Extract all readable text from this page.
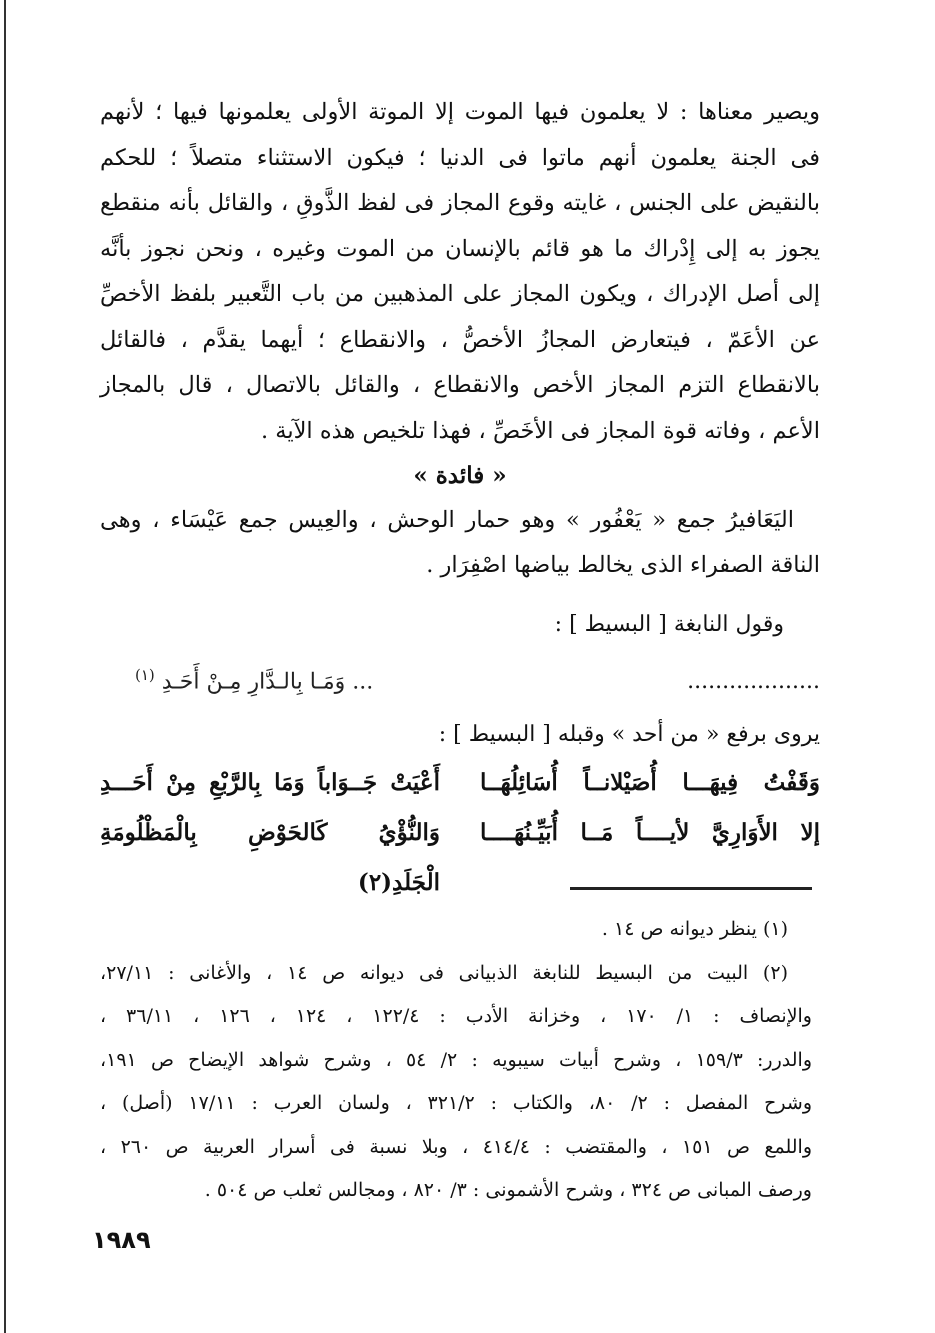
ويصير معناها : لا يعلمون فيها الموت إلا الموتة الأولى يعلمونها فيها ؛ لأنهم

فى الجنة يعلمون أنهم ماتوا فى الدنيا ؛ فيكون الاستثناء متصلاً ؛ للحكم

بالنقيض على الجنس ، غايته وقوع المجاز فى لفظ الذَّوقِ ، والقائل بأنه منقطع

يجوز به إلى إِدْراك ما هو قائم بالإنسان من الموت وغيره ، ونحن نجوز بأنَّه

إلى أصل الإدراك ، ويكون المجاز على المذهبين من باب التَّعبير بلفظ الأخصِّ

عن الأعَمّ ، فيتعارض المجازُ الأخصُّ ، والانقطاع ؛ أيهما يقدَّم ، فالقائل

بالانقطاع التزم المجاز الأخص والانقطاع ، والقائل بالاتصال ، قال بالمجاز

الأعم ، وفاته قوة المجاز فى الأخَصِّ ، فهذا تلخيص هذه الآية .

« فائدة »

اليَعَافيرُ جمع « يَعْفُور » وهو حمار الوحش ، والعِيس جمع عَيْسَاء ، وهى

الناقة الصفراء الذى يخالط بياضها اصْفِرَار .

وقول النابغة [ البسيط ] :
...................
... وَمَـا بِالـدَّارِ مِـنْ أَحَـدِ $^{(١)}$
يروى برفع « من أحد » وقبله [ البسيط ] :
وَقَفْتُ فِيهَـــا أُصَيْلانــاً أُسَائِلُهَــا
أَعْيَتْ جَــوَاباً وَمَا بِالرَّبْعِ مِنْ أَحَـــدِ
إلا الأَوَارِيَّ لأيــــاً مَــا أُبَيِّـنُهَــــا
وَالنُّؤْيُ كَالحَوْضِ بِالْمَظْلُومَةِ الْجَلَدِ(٢)

(١) ينظر ديوانه ص ١٤ .

(٢) البيت من البسيط للنابغة الذبيانى فى ديوانه ص ١٤ ، والأغانى : ٢٧/١١،

والإنصاف : ١/ ١٧٠ ، وخزانة الأدب : ١٢٢/٤ ، ١٢٤ ، ١٢٦ ، ٣٦/١١ ،

والدرر: ١٥٩/٣ ، وشرح أبيات سيبويه : ٢/ ٥٤ ، وشرح شواهد الإيضاح ص ١٩١،

وشرح المفصل : ٢/ ٨٠، والكتاب : ٣٢١/٢ ، ولسان العرب : ١٧/١١ (أصل) ،

واللمع ص ١٥١ ، والمقتضب : ٤١٤/٤ ، وبلا نسبة فى أسرار العربية ص ٢٦٠ ،

ورصف المبانى ص ٣٢٤ ، وشرح الأشمونى : ٣/ ٨٢٠ ، ومجالس ثعلب ص ٥٠٤ .

١٩٨٩
